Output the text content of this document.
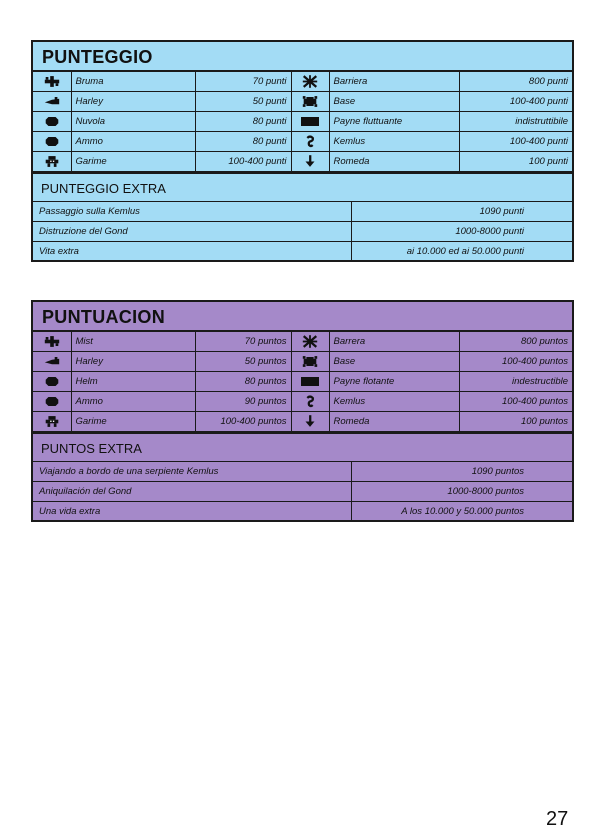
PUNTEGGIO
	Bruma	70 punti		Barriera	800 punti

	Harley	50 punti		Base	100-400 punti

	Nuvola	80 punti		Payne fluttuante	indistruttibile

	Ammo	80 punti		Kemlus	100-400 punti

	Garime	100-400 punti		Romeda	100 punti
PUNTEGGIO EXTRA
Passaggio sulla Kemlus	1090 punti
Distruzione del Gond	1000-8000 punti
Vita extra	ai 10.000 ed ai 50.000 punti
PUNTUACION
	Mist	70 puntos		Barrera	800 puntos

	Harley	50 puntos		Base	100-400 puntos

	Helm	80 puntos		Payne flotante	indestructible

	Ammo	90 puntos		Kemlus	100-400 puntos

	Garime	100-400 puntos		Romeda	100 puntos
PUNTOS EXTRA
Viajando a bordo de una serpiente Kemlus	1090 puntos
Aniquilación del Gond	1000-8000 puntos
Una vida extra	A los 10.000 y 50.000 puntos
27
